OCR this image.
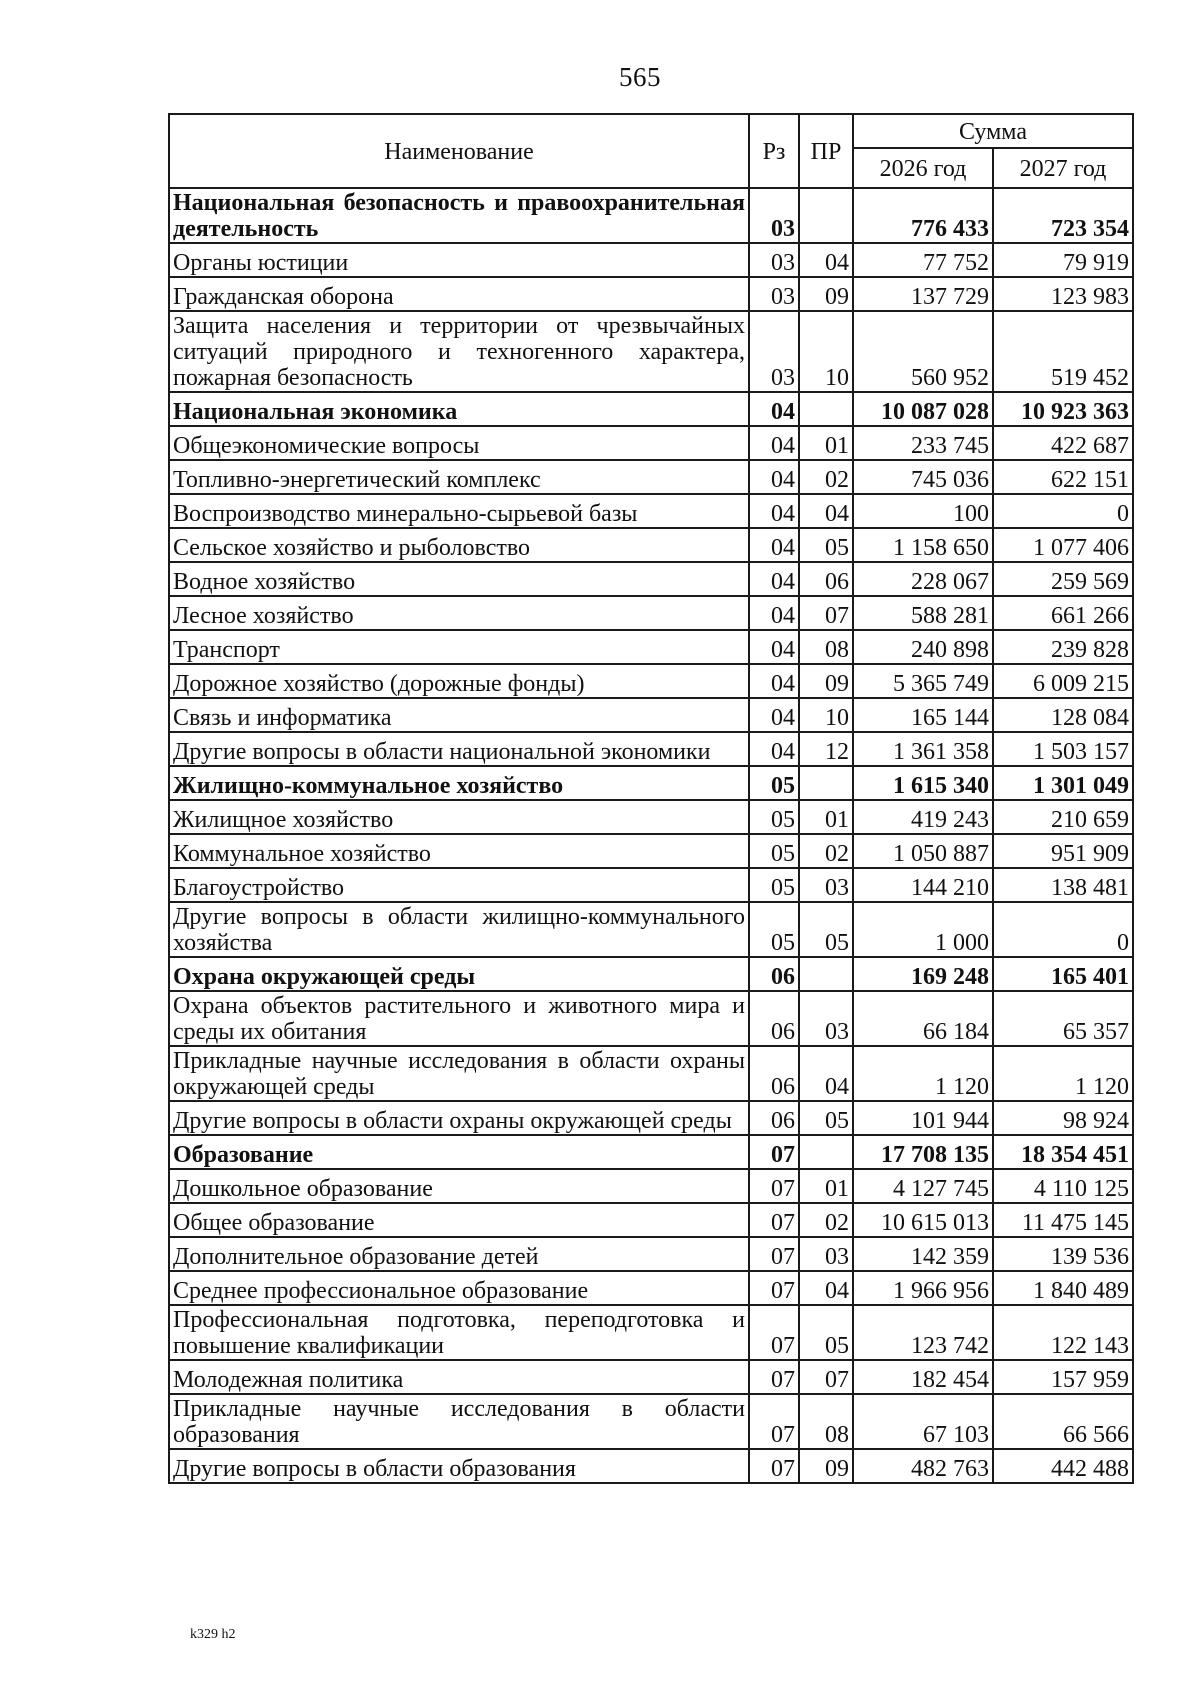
565
Наименование	Рз	ПР	Сумма	
			2026 год	2027 год
Национальная безопасность и правоохранительная деятельность	03		776 433	723 354
Органы юстиции	03	04	77 752	79 919
Гражданская оборона	03	09	137 729	123 983
Защита населения и территории от чрезвычайных ситуаций природного и техногенного характера, пожарная безопасность	03	10	560 952	519 452
Национальная экономика	04		10 087 028	10 923 363
Общеэкономические вопросы	04	01	233 745	422 687
Топливно-энергетический комплекс	04	02	745 036	622 151
Воспроизводство минерально-сырьевой базы	04	04	100	0
Сельское хозяйство и рыболовство	04	05	1 158 650	1 077 406
Водное хозяйство	04	06	228 067	259 569
Лесное хозяйство	04	07	588 281	661 266
Транспорт	04	08	240 898	239 828
Дорожное хозяйство (дорожные фонды)	04	09	5 365 749	6 009 215
Связь и информатика	04	10	165 144	128 084
Другие вопросы в области национальной экономики	04	12	1 361 358	1 503 157
Жилищно-коммунальное хозяйство	05		1 615 340	1 301 049
Жилищное хозяйство	05	01	419 243	210 659
Коммунальное хозяйство	05	02	1 050 887	951 909
Благоустройство	05	03	144 210	138 481
Другие вопросы в области жилищно-коммунального хозяйства	05	05	1 000	0
Охрана окружающей среды	06		169 248	165 401
Охрана объектов растительного и животного мира и среды их обитания	06	03	66 184	65 357
Прикладные научные исследования в области охраны окружающей среды	06	04	1 120	1 120
Другие вопросы в области охраны окружающей среды	06	05	101 944	98 924
Образование	07		17 708 135	18 354 451
Дошкольное образование	07	01	4 127 745	4 110 125
Общее образование	07	02	10 615 013	11 475 145
Дополнительное образование детей	07	03	142 359	139 536
Среднее профессиональное образование	07	04	1 966 956	1 840 489
Профессиональная подготовка, переподготовка и повышение квалификации	07	05	123 742	122 143
Молодежная политика	07	07	182 454	157 959
Прикладные научные исследования в области образования	07	08	67 103	66 566
Другие вопросы в области образования	07	09	482 763	442 488
k329 h2
